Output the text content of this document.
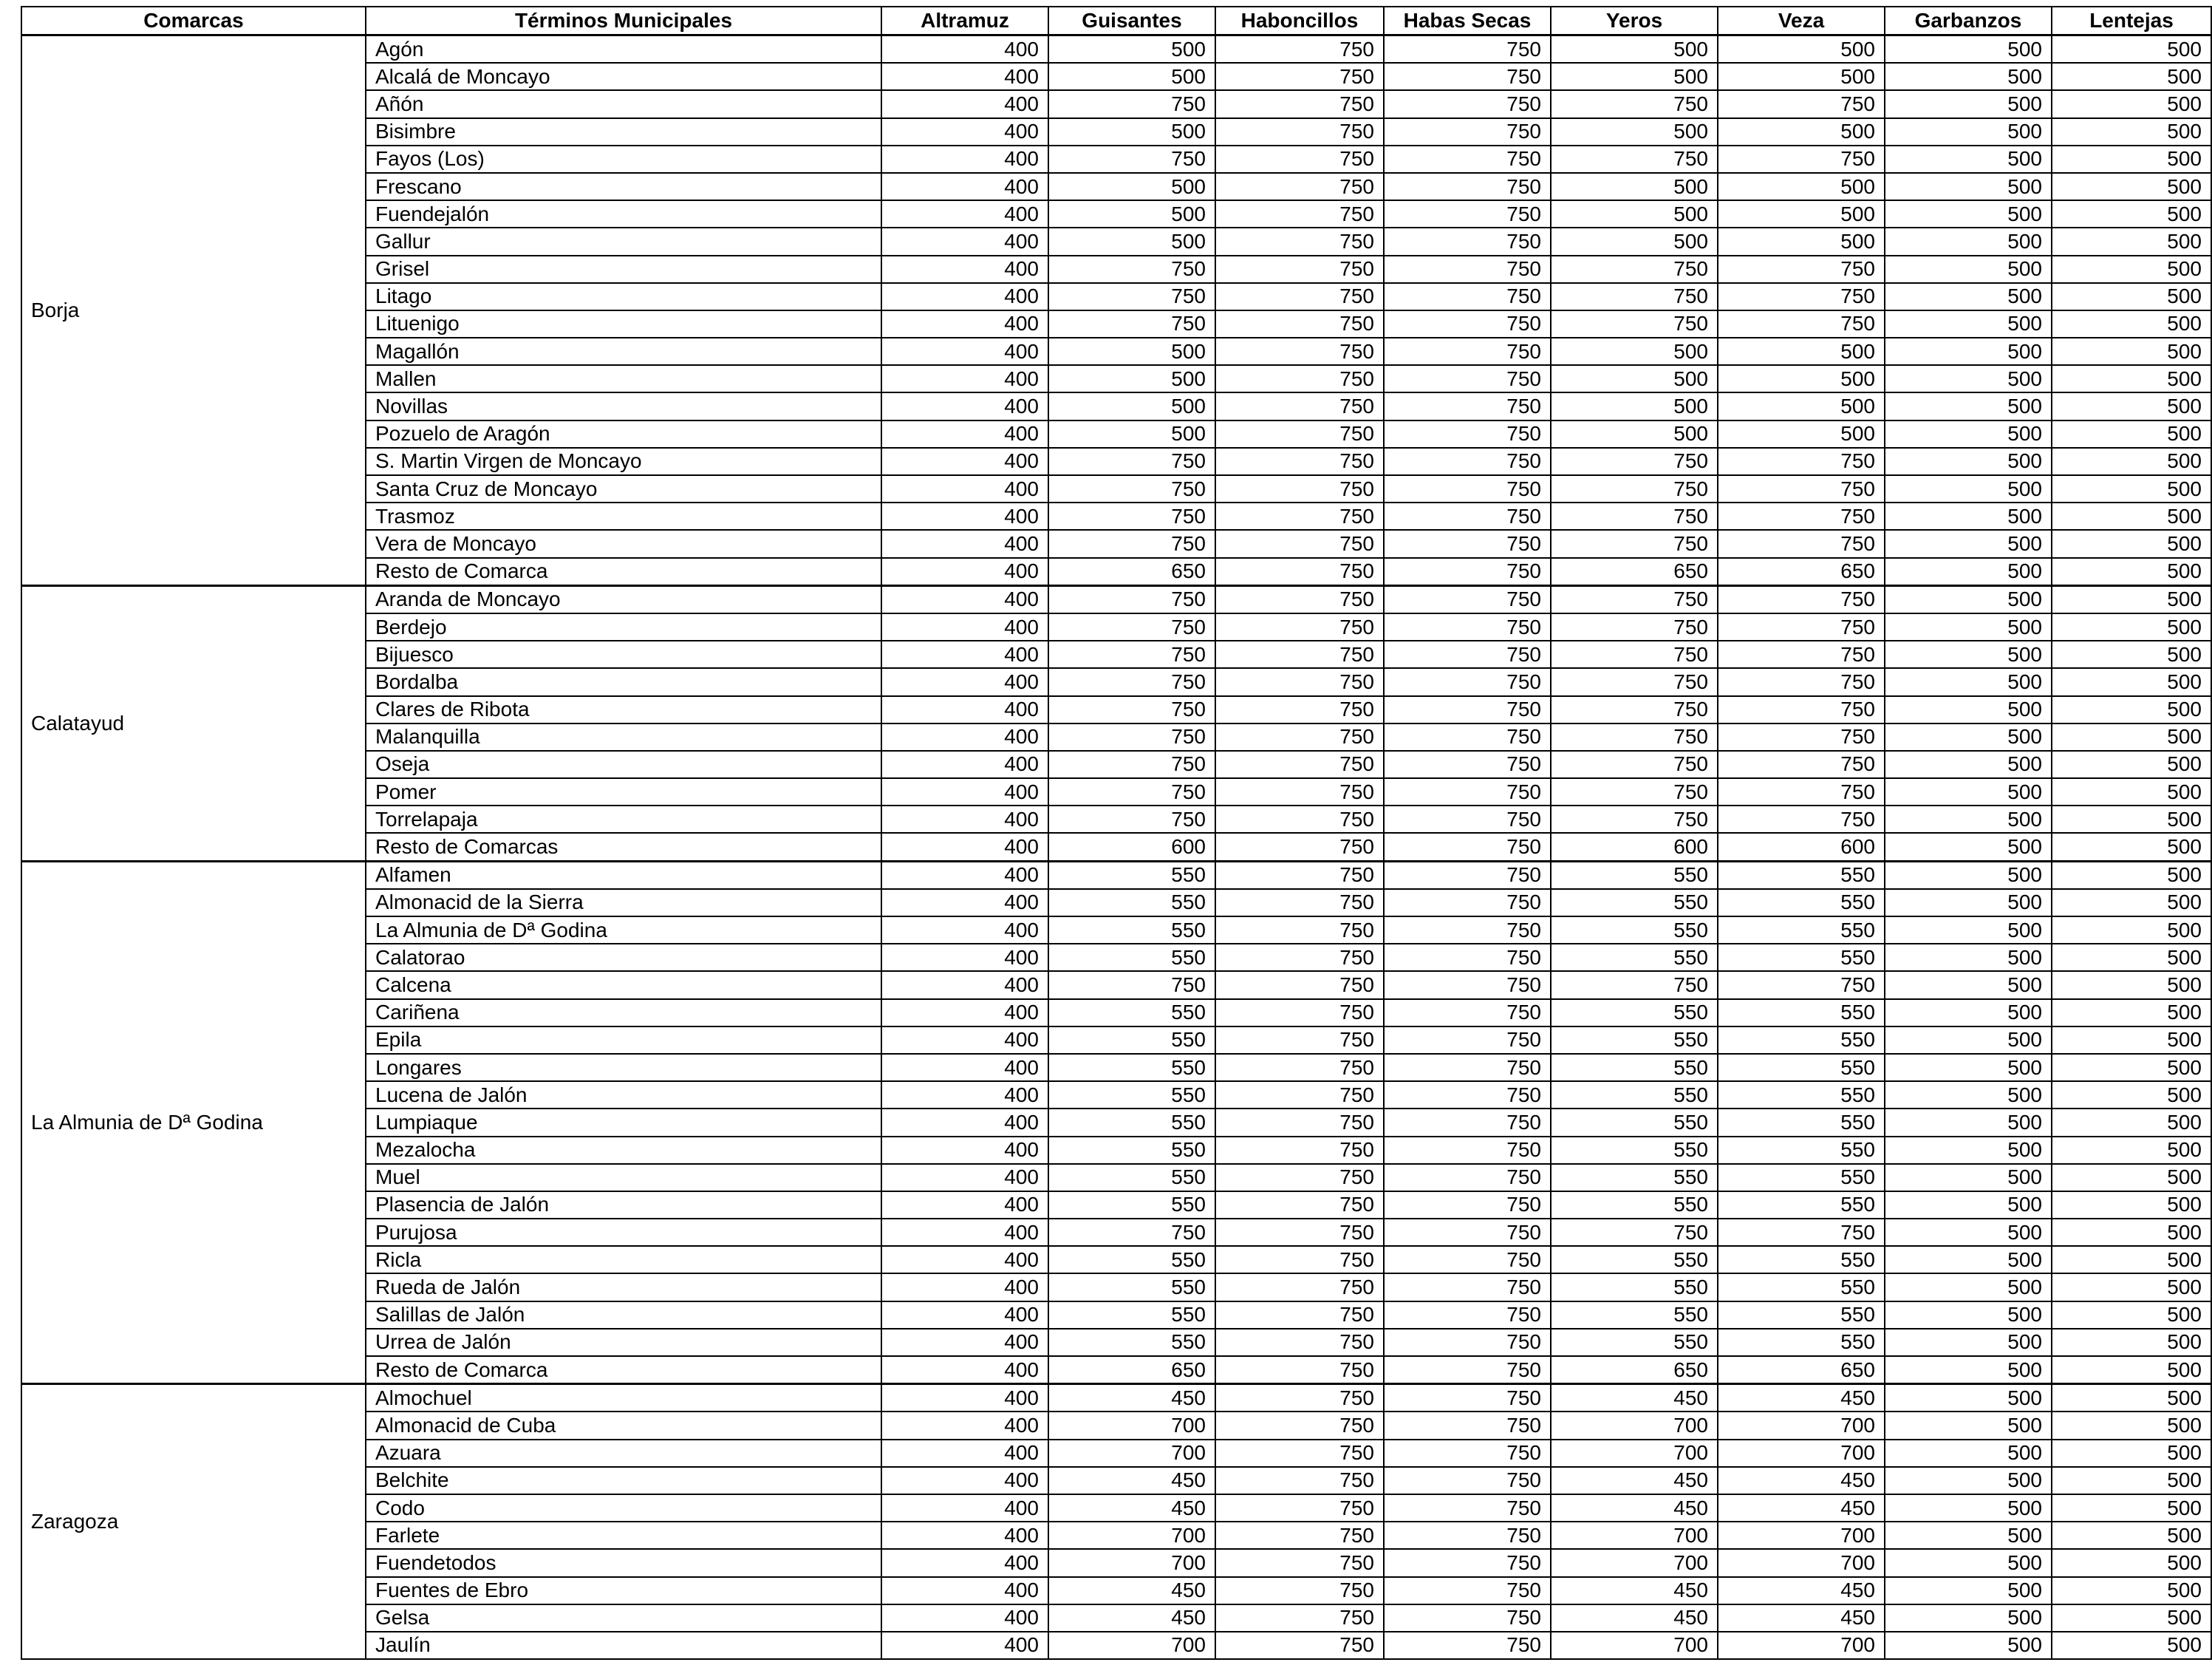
Comarcas	Términos Municipales	Altramuz	Guisantes	Haboncillos	Habas Secas	Yeros	Veza	Garbanzos	Lentejas
Borja	Agón	400	500	750	750	500	500	500	500
	Alcalá de Moncayo	400	500	750	750	500	500	500	500
	Añón	400	750	750	750	750	750	500	500
	Bisimbre	400	500	750	750	500	500	500	500
	Fayos (Los)	400	750	750	750	750	750	500	500
	Frescano	400	500	750	750	500	500	500	500
	Fuendejalón	400	500	750	750	500	500	500	500
	Gallur	400	500	750	750	500	500	500	500
	Grisel	400	750	750	750	750	750	500	500
	Litago	400	750	750	750	750	750	500	500
	Lituenigo	400	750	750	750	750	750	500	500
	Magallón	400	500	750	750	500	500	500	500
	Mallen	400	500	750	750	500	500	500	500
	Novillas	400	500	750	750	500	500	500	500
	Pozuelo de Aragón	400	500	750	750	500	500	500	500
	S. Martin Virgen de Moncayo	400	750	750	750	750	750	500	500
	Santa Cruz de Moncayo	400	750	750	750	750	750	500	500
	Trasmoz	400	750	750	750	750	750	500	500
	Vera de Moncayo	400	750	750	750	750	750	500	500
	Resto de Comarca	400	650	750	750	650	650	500	500
Calatayud	Aranda de Moncayo	400	750	750	750	750	750	500	500
	Berdejo	400	750	750	750	750	750	500	500
	Bijuesco	400	750	750	750	750	750	500	500
	Bordalba	400	750	750	750	750	750	500	500
	Clares de Ribota	400	750	750	750	750	750	500	500
	Malanquilla	400	750	750	750	750	750	500	500
	Oseja	400	750	750	750	750	750	500	500
	Pomer	400	750	750	750	750	750	500	500
	Torrelapaja	400	750	750	750	750	750	500	500
	Resto de Comarcas	400	600	750	750	600	600	500	500
La Almunia de Dª Godina	Alfamen	400	550	750	750	550	550	500	500
	Almonacid de la Sierra	400	550	750	750	550	550	500	500
	La Almunia de Dª Godina	400	550	750	750	550	550	500	500
	Calatorao	400	550	750	750	550	550	500	500
	Calcena	400	750	750	750	750	750	500	500
	Cariñena	400	550	750	750	550	550	500	500
	Epila	400	550	750	750	550	550	500	500
	Longares	400	550	750	750	550	550	500	500
	Lucena de Jalón	400	550	750	750	550	550	500	500
	Lumpiaque	400	550	750	750	550	550	500	500
	Mezalocha	400	550	750	750	550	550	500	500
	Muel	400	550	750	750	550	550	500	500
	Plasencia de Jalón	400	550	750	750	550	550	500	500
	Purujosa	400	750	750	750	750	750	500	500
	Ricla	400	550	750	750	550	550	500	500
	Rueda de Jalón	400	550	750	750	550	550	500	500
	Salillas de Jalón	400	550	750	750	550	550	500	500
	Urrea de Jalón	400	550	750	750	550	550	500	500
	Resto de Comarca	400	650	750	750	650	650	500	500
Zaragoza	Almochuel	400	450	750	750	450	450	500	500
	Almonacid de Cuba	400	700	750	750	700	700	500	500
	Azuara	400	700	750	750	700	700	500	500
	Belchite	400	450	750	750	450	450	500	500
	Codo	400	450	750	750	450	450	500	500
	Farlete	400	700	750	750	700	700	500	500
	Fuendetodos	400	700	750	750	700	700	500	500
	Fuentes de Ebro	400	450	750	750	450	450	500	500
	Gelsa	400	450	750	750	450	450	500	500
	Jaulín	400	700	750	750	700	700	500	500
